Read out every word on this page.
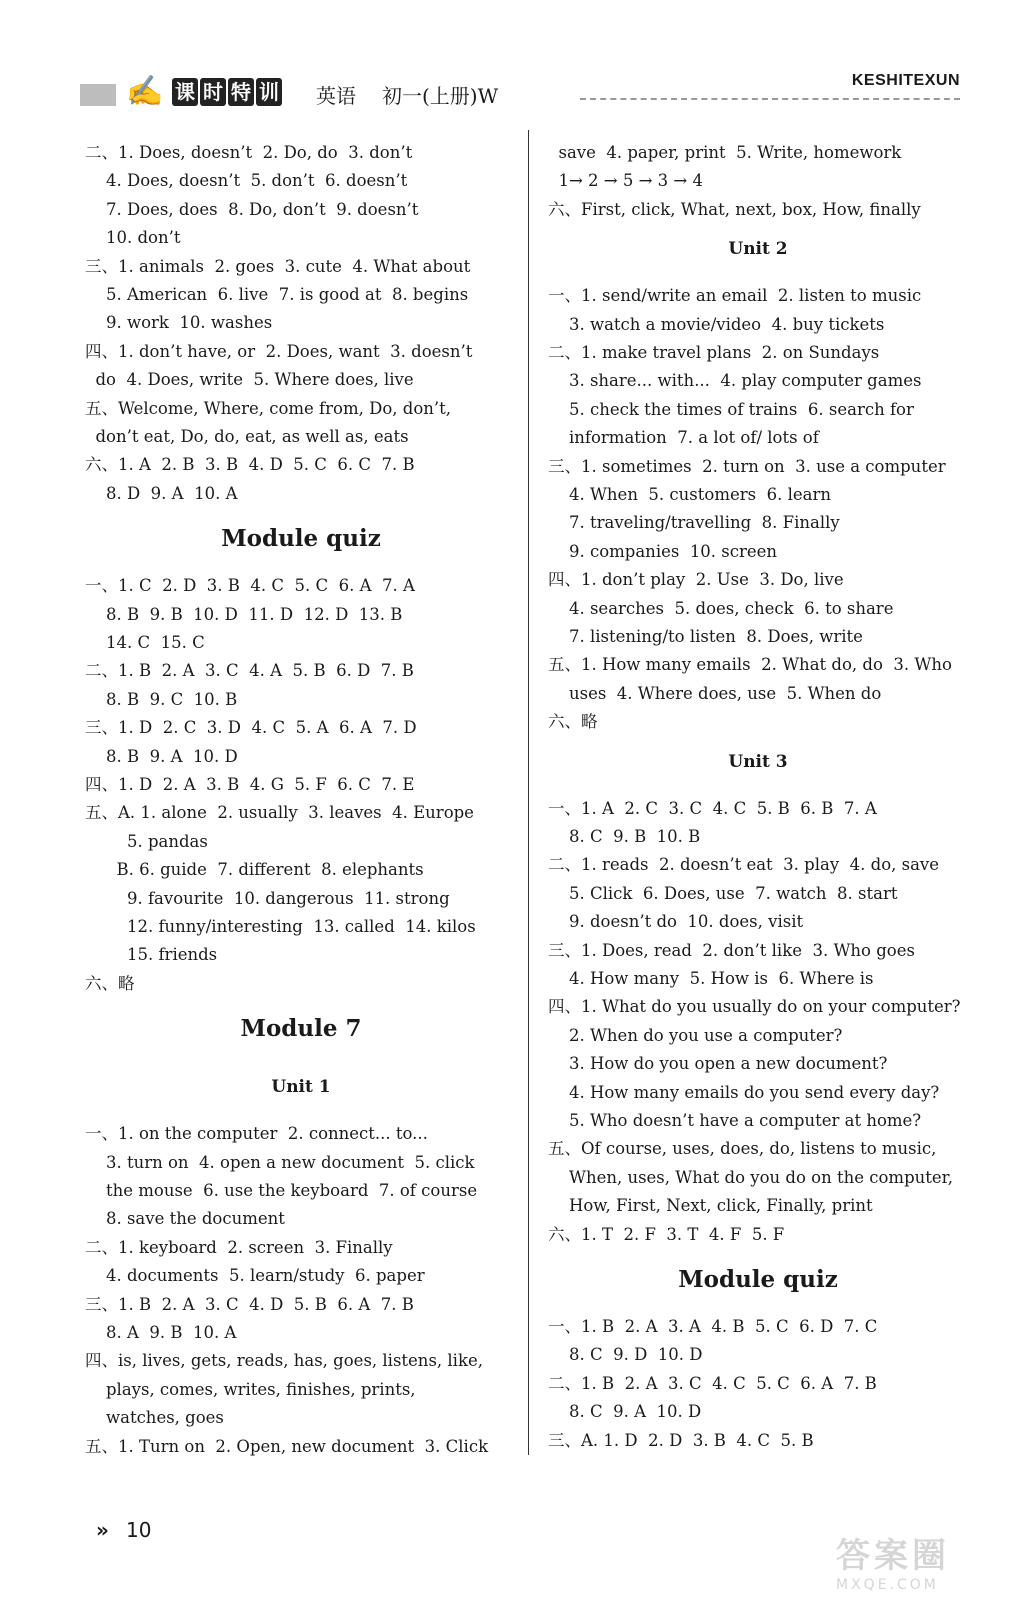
✍ 课 时 特 训 英语 初一(上册)W
KESHITEXUN
二、1. Does, doesn’t  2. Do, do  3. don’t
4. Does, doesn’t  5. don’t  6. doesn’t
7. Does, does  8. Do, don’t  9. doesn’t
10. don’t
三、1. animals  2. goes  3. cute  4. What about
5. American  6. live  7. is good at  8. begins
9. work  10. washes
四、1. don’t have, or  2. Does, want  3. doesn’t
do  4. Does, write  5. Where does, live
五、Welcome, Where, come from, Do, don’t,
don’t eat, Do, do, eat, as well as, eats
六、1. A  2. B  3. B  4. D  5. C  6. C  7. B
8. D  9. A  10. A
Module quiz
一、1. C  2. D  3. B  4. C  5. C  6. A  7. A
8. B  9. B  10. D  11. D  12. D  13. B
14. C  15. C
二、1. B  2. A  3. C  4. A  5. B  6. D  7. B
8. B  9. C  10. B
三、1. D  2. C  3. D  4. C  5. A  6. A  7. D
8. B  9. A  10. D
四、1. D  2. A  3. B  4. G  5. F  6. C  7. E
五、A. 1. alone  2. usually  3. leaves  4. Europe
5. pandas
B. 6. guide  7. different  8. elephants
9. favourite  10. dangerous  11. strong
12. funny/interesting  13. called  14. kilos
15. friends
六、略
Module 7
Unit 1
一、1. on the computer  2. connect... to...
3. turn on  4. open a new document  5. click
the mouse  6. use the keyboard  7. of course
8. save the document
二、1. keyboard  2. screen  3. Finally
4. documents  5. learn/study  6. paper
三、1. B  2. A  3. C  4. D  5. B  6. A  7. B
8. A  9. B  10. A
四、is, lives, gets, reads, has, goes, listens, like,
plays, comes, writes, finishes, prints,
watches, goes
五、1. Turn on  2. Open, new document  3. Click
save  4. paper, print  5. Write, homework
1→ 2 → 5 → 3 → 4
六、First, click, What, next, box, How, finally
Unit 2
一、1. send/write an email  2. listen to music
3. watch a movie/video  4. buy tickets
二、1. make travel plans  2. on Sundays
3. share... with...  4. play computer games
5. check the times of trains  6. search for
information  7. a lot of/ lots of
三、1. sometimes  2. turn on  3. use a computer
4. When  5. customers  6. learn
7. traveling/travelling  8. Finally
9. companies  10. screen
四、1. don’t play  2. Use  3. Do, live
4. searches  5. does, check  6. to share
7. listening/to listen  8. Does, write
五、1. How many emails  2. What do, do  3. Who
uses  4. Where does, use  5. When do
六、略
Unit 3
一、1. A  2. C  3. C  4. C  5. B  6. B  7. A
8. C  9. B  10. B
二、1. reads  2. doesn’t eat  3. play  4. do, save
5. Click  6. Does, use  7. watch  8. start
9. doesn’t do  10. does, visit
三、1. Does, read  2. don’t like  3. Who goes
4. How many  5. How is  6. Where is
四、1. What do you usually do on your computer?
2. When do you use a computer?
3. How do you open a new document?
4. How many emails do you send every day?
5. Who doesn’t have a computer at home?
五、Of course, uses, does, do, listens to music,
When, uses, What do you do on the computer,
How, First, Next, click, Finally, print
六、1. T  2. F  3. T  4. F  5. F
Module quiz
一、1. B  2. A  3. A  4. B  5. C  6. D  7. C
8. C  9. D  10. D
二、1. B  2. A  3. C  4. C  5. C  6. A  7. B
8. C  9. A  10. D
三、A. 1. D  2. D  3. B  4. C  5. B
» 10
答案圈
MXQE.COM
